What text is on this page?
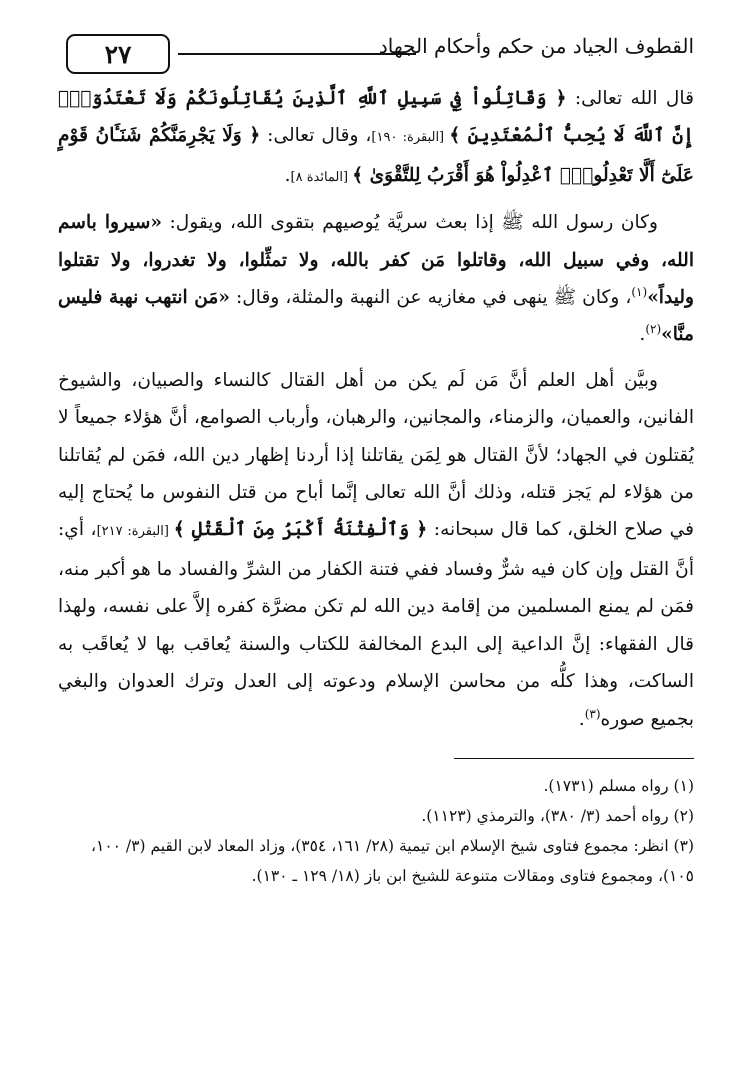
القطوف الجياد من حكم وأحكام الجهاد
٢٧

قال الله تعالى: ﴿ وَقَاتِلُواْ فِي سَبِيلِ ٱللَّهِ ٱلَّذِينَ يُقَاتِلُونَكُمْ وَلَا تَعْتَدُوٓاْۚ إِنَّ ٱللَّهَ لَا يُحِبُّ ٱلْمُعْتَدِينَ ﴾ [البقرة: ١٩٠]، وقال تعالى: ﴿ وَلَا يَجْرِمَنَّكُمْ شَنَـَٔانُ قَوْمٍ عَلَىٰٓ أَلَّا تَعْدِلُواْۚ ٱعْدِلُواْ هُوَ أَقْرَبُ لِلتَّقْوَىٰ ﴾ [المائدة ٨].

وكان رسول الله ﷺ إذا بعث سريَّة يُوصيهم بتقوى الله، ويقول: «سيروا باسم الله، وفي سبيل الله، وقاتلوا مَن كفر بالله، ولا تمثِّلوا، ولا تغدروا، ولا تقتلوا وليداً»$^{(١)}$، وكان ﷺ ينهى في مغازيه عن النهبة والمثلة، وقال: «مَن انتهب نهبة فليس منَّا»$^{(٢)}$.

وبيَّن أهل العلم أنَّ مَن لَم يكن من أهل القتال كالنساء والصبيان، والشيوخ الفانين، والعميان، والزمناء، والمجانين، والرهبان، وأرباب الصوامع، أنَّ هؤلاء جميعاً لا يُقتلون في الجهاد؛ لأنَّ القتال هو لِمَن يقاتلنا إذا أردنا إظهار دين الله، فمَن لم يُقاتلنا من هؤلاء لم يَجز قتله، وذلك أنَّ الله تعالى إنَّما أباح من قتل النفوس ما يُحتاج إليه في صلاح الخلق، كما قال سبحانه: ﴿ وَٱلْفِتْنَةُ أَكْبَرُ مِنَ ٱلْقَتْلِ ﴾ [البقرة: ٢١٧]، أي: أنَّ القتل وإن كان فيه شرٌّ وفساد ففي فتنة الكفار من الشرِّ والفساد ما هو أكبر منه، فمَن لم يمنع المسلمين من إقامة دين الله لم تكن مضرَّة كفره إلاَّ على نفسه، ولهذا قال الفقهاء: إنَّ الداعية إلى البدع المخالفة للكتاب والسنة يُعاقب بها لا يُعاقَب به الساكت، وهذا كلُّه من محاسن الإسلام ودعوته إلى العدل وترك العدوان والبغي بجميع صوره$^{(٣)}$.

(١) رواه مسلم (١٧٣١).
(٢) رواه أحمد (٣/ ٣٨٠)، والترمذي (١١٢٣).
(٣) انظر: مجموع فتاوى شيخ الإسلام ابن تيمية (٢٨/ ١٦١، ٣٥٤)، وزاد المعاد لابن القيم (٣/ ١٠٠، ١٠٥)، ومجموع فتاوى ومقالات متنوعة للشيخ ابن باز (١٨/ ١٢٩ ـ ١٣٠).
